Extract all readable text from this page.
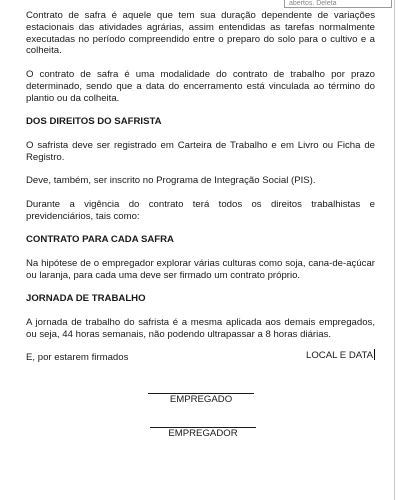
abertos. Deleta

Contrato de safra é aquele que tem sua duração dependente de variações estacionais das atividades agrárias, assim entendidas as tarefas normalmente executadas no período compreendido entre o preparo do solo para o cultivo e a colheita.

O contrato de safra é uma modalidade do contrato de trabalho por prazo determinado, sendo que a data do encerramento está vinculada ao término do plantio ou da colheita.

DOS DIREITOS DO SAFRISTA

O safrista deve ser registrado em Carteira de Trabalho e em Livro ou Ficha de Registro.

Deve, também, ser inscrito no Programa de Integração Social (PIS).

Durante a vigência do contrato terá todos os direitos trabalhistas e previdenciários, tais como:

CONTRATO PARA CADA SAFRA

Na hipótese de o empregador explorar várias culturas como soja, cana-de-açúcar ou laranja, para cada uma deve ser firmado um contrato próprio.

JORNADA DE TRABALHO

A jornada de trabalho do safrista é a mesma aplicada aos demais empregados, ou seja, 44 horas semanais, não podendo ultrapassar a 8 horas diárias.

E, por estarem firmados	LOCAL E DATA
EMPREGADO
EMPREGADOR
